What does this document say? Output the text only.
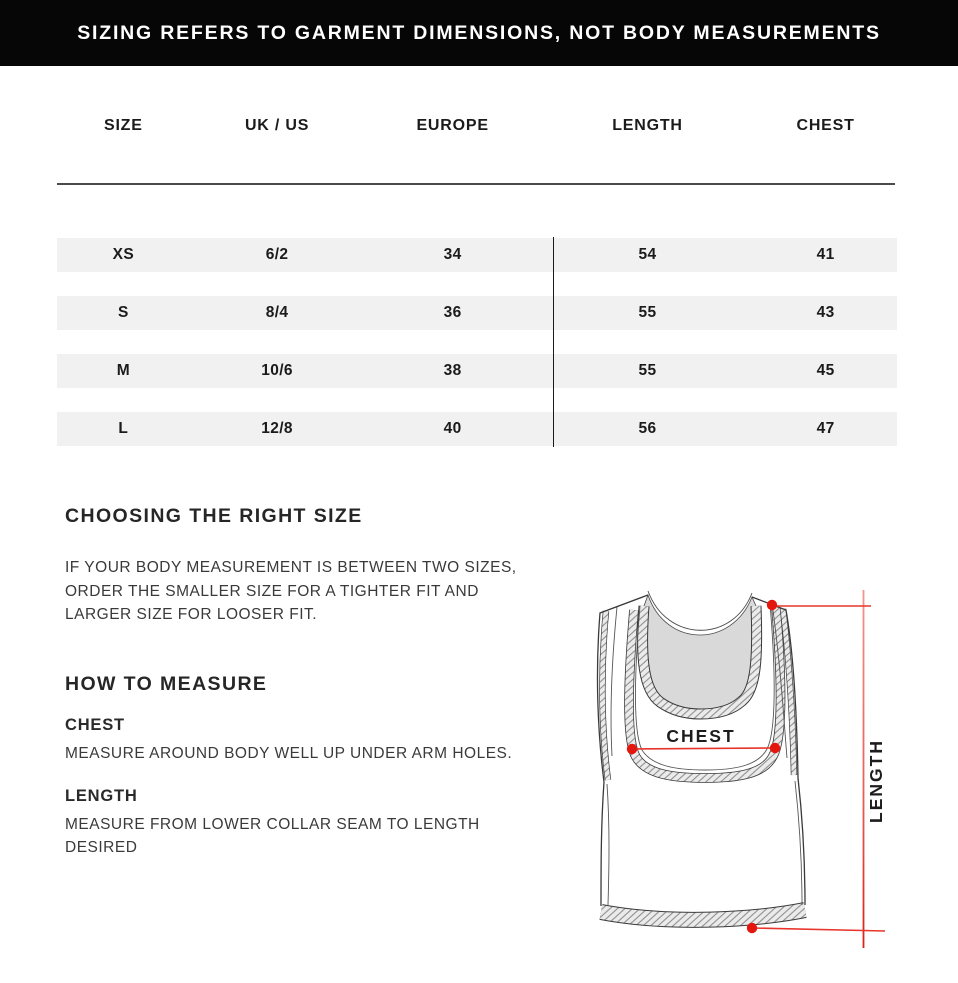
SIZING REFERS TO GARMENT DIMENSIONS, NOT BODY MEASUREMENTS
SIZE	UK / US	EUROPE	LENGTH	CHEST
XS	6/2	34	54	41
S	8/4	36	55	43
M	10/6	38	55	45
L	12/8	40	56	47
CHOOSING THE RIGHT SIZE
IF YOUR BODY MEASUREMENT IS BETWEEN TWO SIZES,
ORDER THE SMALLER SIZE FOR A TIGHTER FIT AND
LARGER SIZE FOR LOOSER FIT.
HOW TO MEASURE
CHEST
MEASURE AROUND BODY WELL UP UNDER ARM HOLES.
LENGTH
MEASURE FROM LOWER COLLAR SEAM TO LENGTH
DESIRED
CHEST
LENGTH
